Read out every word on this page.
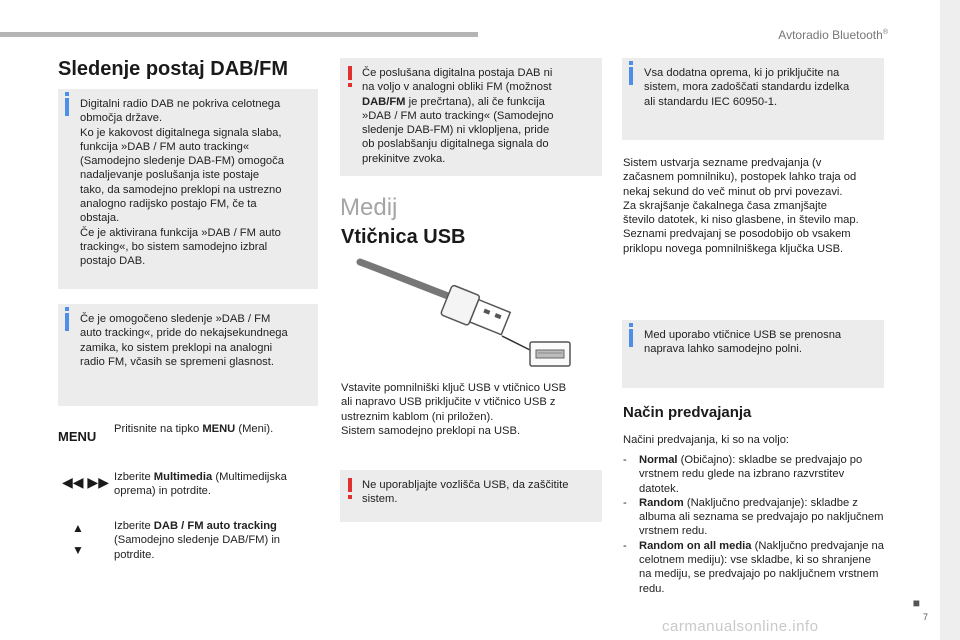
Avtoradio Bluetooth®
Sledenje postaj DAB/FM
Digitalni radio DAB ne pokriva celotnega
območja države.
Ko je kakovost digitalnega signala slaba,
funkcija »DAB / FM auto tracking«
(Samodejno sledenje DAB-FM) omogoča
nadaljevanje poslušanja iste postaje
tako, da samodejno preklopi na ustrezno
analogno radijsko postajo FM, če ta
obstaja.
Če je aktivirana funkcija »DAB / FM auto
tracking«, bo sistem samodejno izbral
postajo DAB.
Če je omogočeno sledenje »DAB / FM
auto tracking«, pride do nekajsekundnega
zamika, ko sistem preklopi na analogni
radio FM, včasih se spremeni glasnost.
MENU Pritisnite na tipko MENU (Meni).
◀◀ ▶▶ Izberite Multimedia (Multimedijska
oprema) in potrdite.
▲
▼
Izberite DAB / FM auto tracking
(Samodejno sledenje DAB/FM) in
potrdite.
Če poslušana digitalna postaja DAB ni
na voljo v analogni obliki FM (možnost
DAB/FM je prečrtana), ali če funkcija
»DAB / FM auto tracking« (Samodejno
sledenje DAB-FM) ni vklopljena, pride
ob poslabšanju digitalnega signala do
prekinitve zvoka.
Medij
Vtičnica USB
Vstavite pomnilniški ključ USB v vtičnico USB
ali napravo USB priključite v vtičnico USB z
ustreznim kablom (ni priložen).
Sistem samodejno preklopi na USB.
Ne uporabljajte vozlišča USB, da zaščitite
sistem.
Vsa dodatna oprema, ki jo priključite na
sistem, mora zadoščati standardu izdelka
ali standardu IEC 60950-1.
Sistem ustvarja sezname predvajanja (v
začasnem pomnilniku), postopek lahko traja od
nekaj sekund do več minut ob prvi povezavi.
Za skrajšanje čakalnega časa zmanjšajte
število datotek, ki niso glasbene, in število map.
Seznami predvajanj se posodobijo ob vsakem
priklopu novega pomnilniškega ključka USB.
Med uporabo vtičnice USB se prenosna
naprava lahko samodejno polni.
Način predvajanja
Načini predvajanja, ki so na voljo:
- Normal (Običajno): skladbe se predvajajo po vrstnem redu glede na izbrano razvrstitev datotek.
- Random (Naključno predvajanje): skladbe z albuma ali seznama se predvajajo po naključnem vrstnem redu.
- Random on all media (Naključno predvajanje na celotnem mediju): vse skladbe, ki so shranjene na mediju, se predvajajo po naključnem vrstnem redu.
■
7
carmanualsonline.info
